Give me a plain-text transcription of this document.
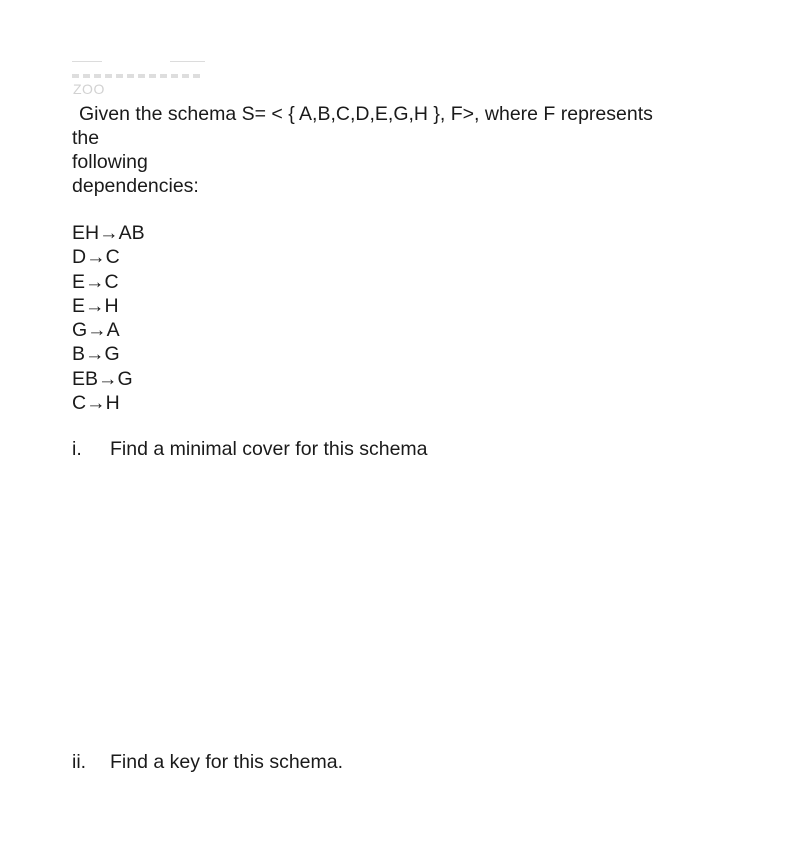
ZOO
Given the schema S= < { A,B,C,D,E,G,H }, F>, where F represents
the
following
dependencies:
EH→AB
D→C
E→C
E→H
G→A
B→G
EB→G
C→H
i. Find a minimal cover for this schema
ii. Find a key for this schema.
